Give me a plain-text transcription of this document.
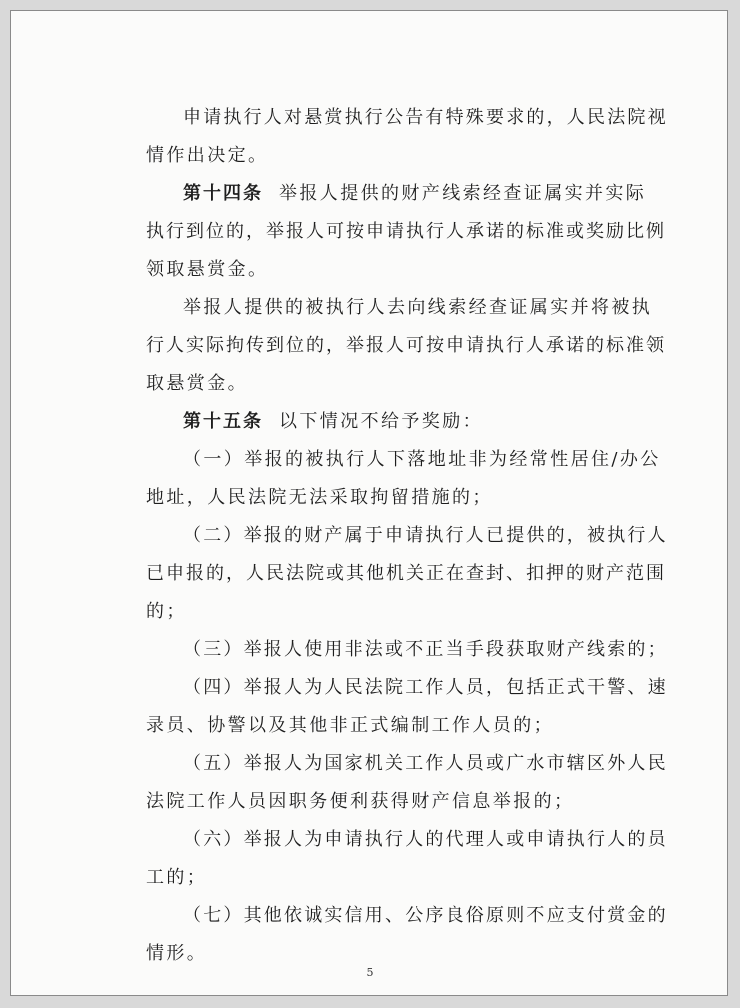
申请执行人对悬赏执行公告有特殊要求的，人民法院视
情作出决定。
第十四条 举报人提供的财产线索经查证属实并实际
执行到位的，举报人可按申请执行人承诺的标准或奖励比例
领取悬赏金。
举报人提供的被执行人去向线索经查证属实并将被执
行人实际拘传到位的，举报人可按申请执行人承诺的标准领
取悬赏金。
第十五条 以下情况不给予奖励：
（一）举报的被执行人下落地址非为经常性居住/办公
地址，人民法院无法采取拘留措施的；
（二）举报的财产属于申请执行人已提供的，被执行人
已申报的，人民法院或其他机关正在查封、扣押的财产范围
的；
（三）举报人使用非法或不正当手段获取财产线索的；
（四）举报人为人民法院工作人员，包括正式干警、速
录员、协警以及其他非正式编制工作人员的；
（五）举报人为国家机关工作人员或广水市辖区外人民
法院工作人员因职务便利获得财产信息举报的；
（六）举报人为申请执行人的代理人或申请执行人的员
工的；
（七）其他依诚实信用、公序良俗原则不应支付赏金的
情形。
5
